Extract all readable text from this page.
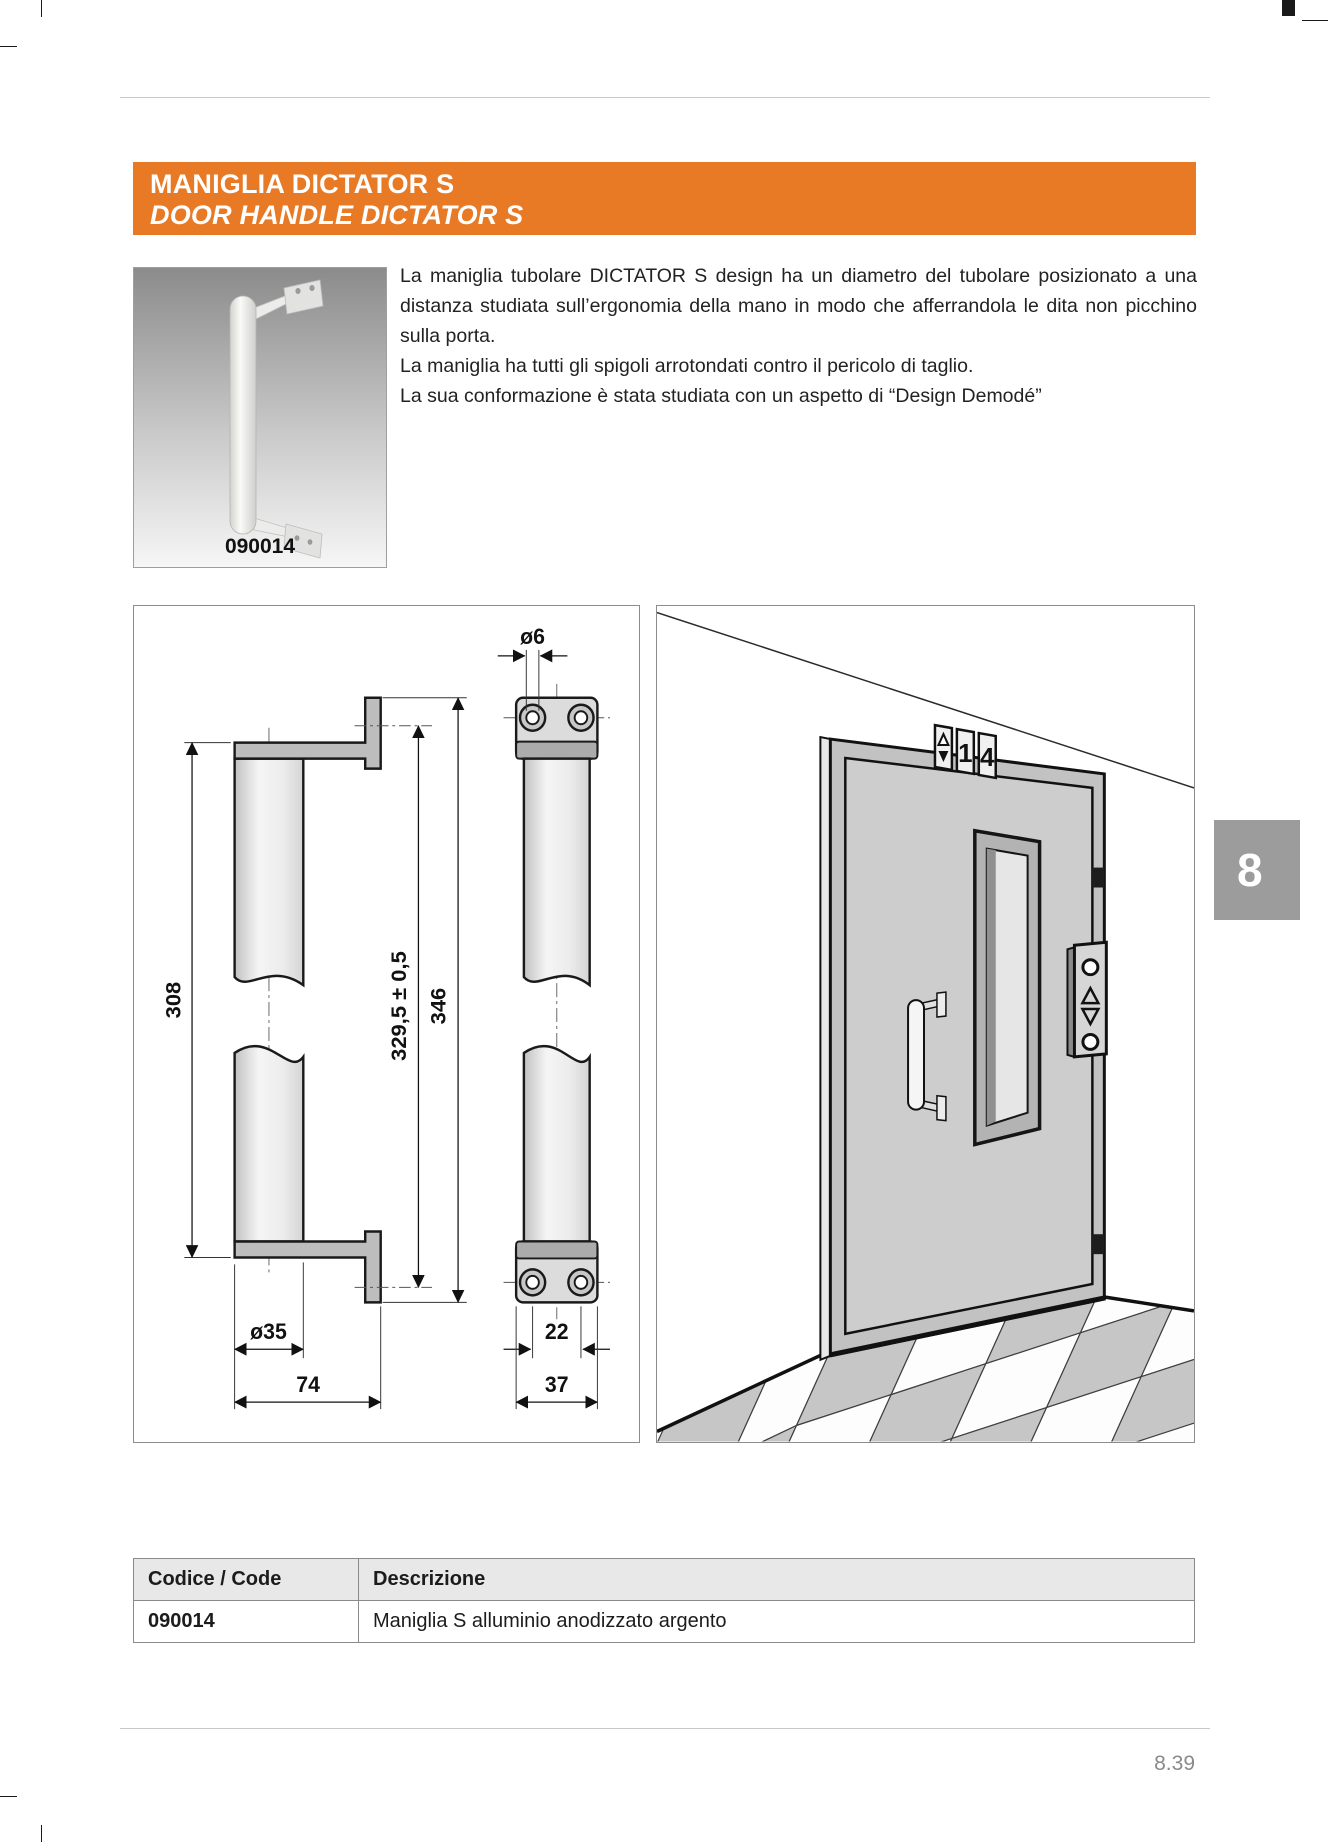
MANIGLIA DICTATOR S
DOOR HANDLE DICTATOR S
090014

La maniglia tubolare DICTATOR S design ha un diametro del tubolare posizionato a una distanza studiata sull’ergonomia della mano in modo che afferrandola le dita non picchino sulla porta.

La maniglia ha tutti gli spigoli arrotondati contro il pericolo di taglio.

La sua conformazione è stata studiata con un aspetto di “Design Demodé”

308	329,5 ± 0,5 346
ø35
74
ø6
22
37
1 4
8
Codice / Code	Descrizione
090014	Maniglia S alluminio anodizzato argento
8.39
